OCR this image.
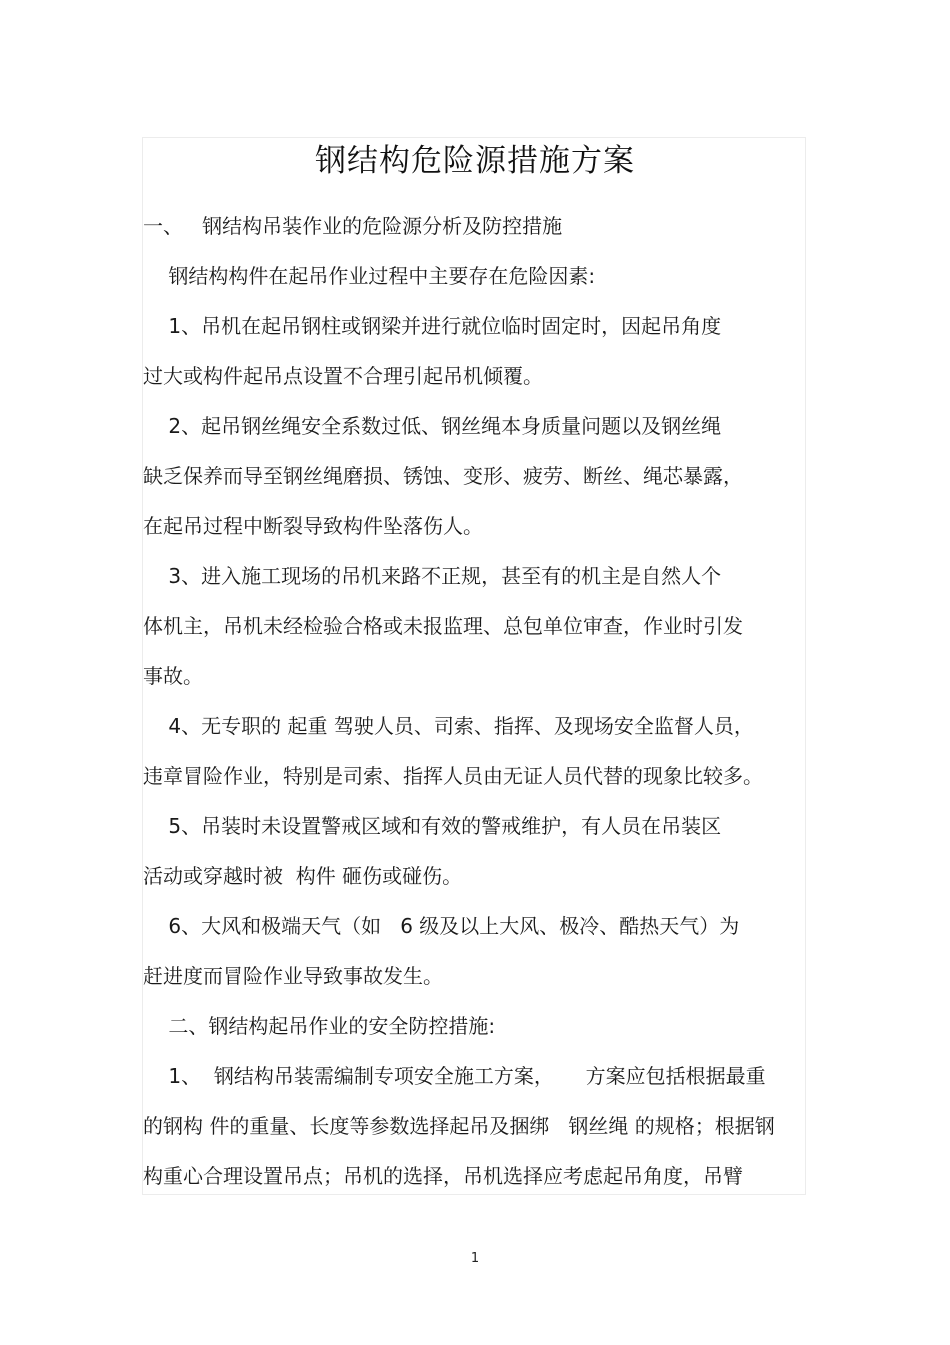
钢结构危险源措施方案
一、   钢结构吊装作业的危险源分析及防控措施
钢结构构件在起吊作业过程中主要存在危险因素:
1、吊机在起吊钢柱或钢梁并进行就位临时固定时，因起吊角度
过大或构件起吊点设置不合理引起吊机倾覆。
2、起吊钢丝绳安全系数过低、钢丝绳本身质量问题以及钢丝绳
缺乏保养而导至钢丝绳磨损、锈蚀、变形、疲劳、断丝、绳芯暴露，
在起吊过程中断裂导致构件坠落伤人。
3、进入施工现场的吊机来路不正规，甚至有的机主是自然人个
体机主，吊机未经检验合格或未报监理、总包单位审查，作业时引发
事故。
4、无专职的 起重 驾驶人员、司索、指挥、及现场安全监督人员，
违章冒险作业，特别是司索、指挥人员由无证人员代替的现象比较多。
5、吊装时未设置警戒区域和有效的警戒维护，有人员在吊装区
活动或穿越时被  构件 砸伤或碰伤。
6、大风和极端天气（如   6 级及以上大风、极冷、酷热天气）为
赶进度而冒险作业导致事故发生。
二、钢结构起吊作业的安全防控措施:
1、  钢结构吊装需编制专项安全施工方案，     方案应包括根据最重
的钢构 件的重量、长度等参数选择起吊及捆绑   钢丝绳 的规格；根据钢
构重心合理设置吊点；吊机的选择，吊机选择应考虑起吊角度，吊臂
1
